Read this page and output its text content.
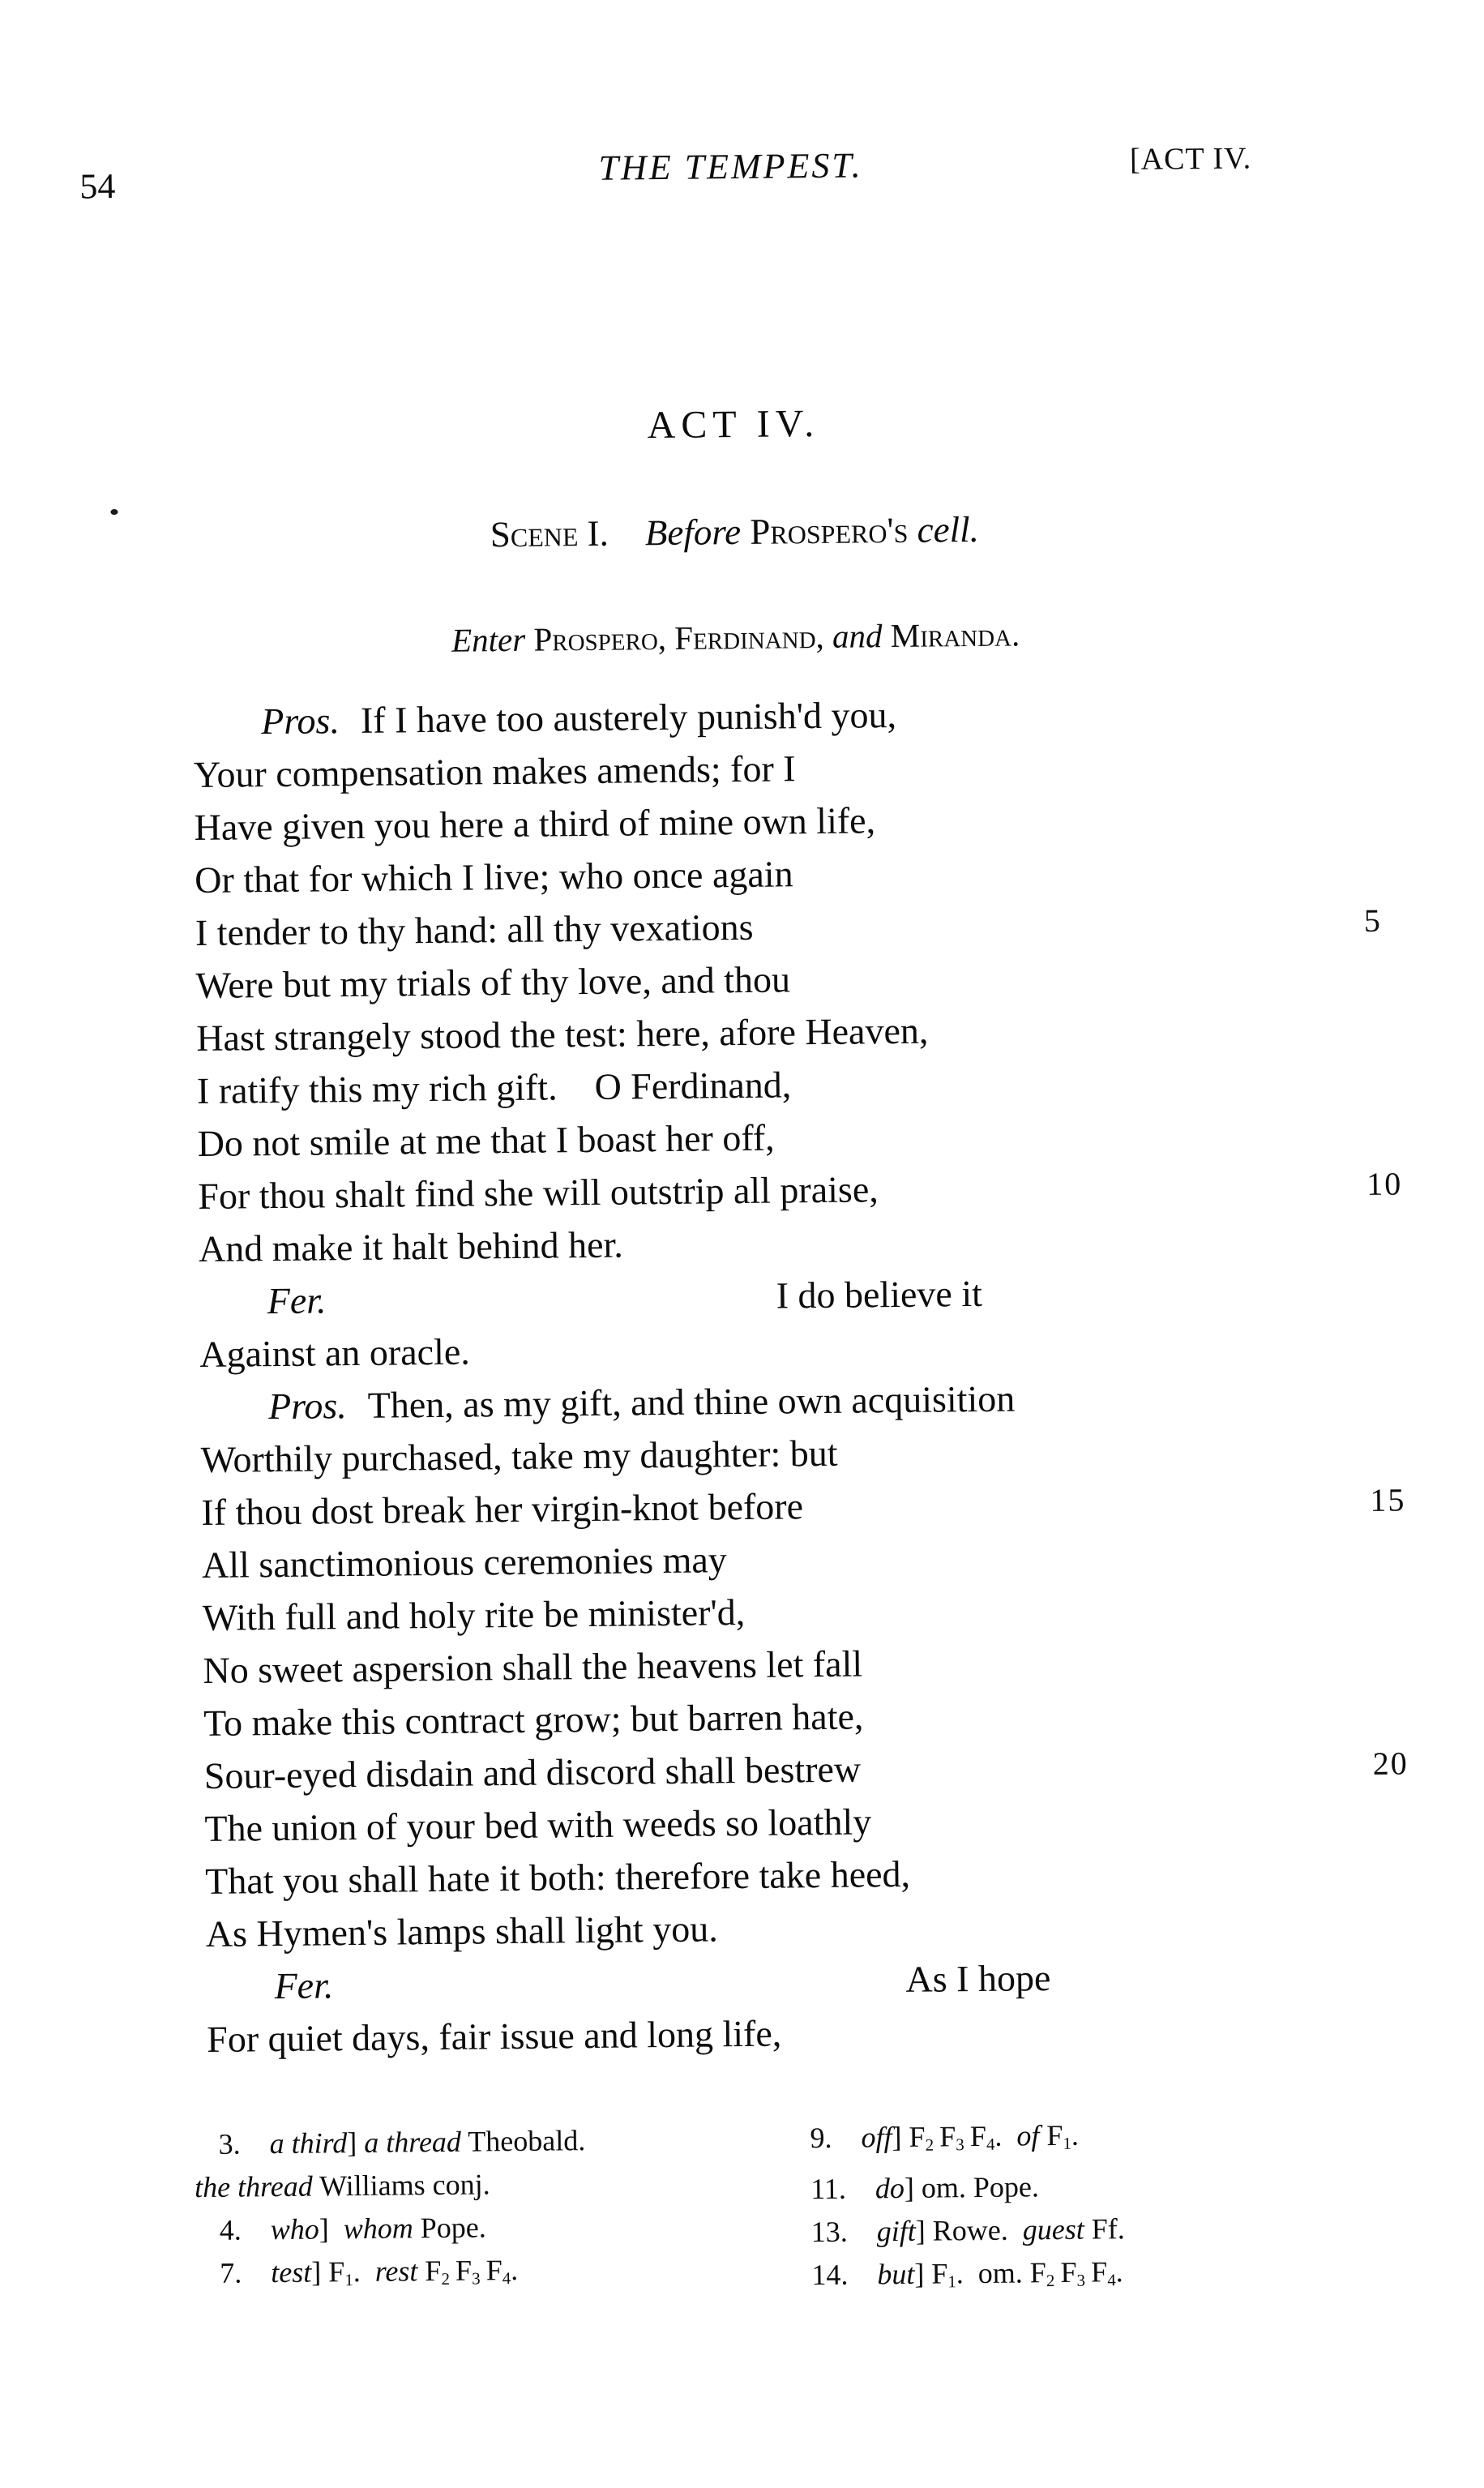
54	THE TEMPEST.	[ACT IV.
ACT IV.
Scene I.  Before Prospero's cell.
Enter Prospero, Ferdinand, and Miranda.
Pros. If I have too austerely punish'd you,
Your compensation makes amends; for I
Have given you here a third of mine own life,
Or that for which I live; who once again
I tender to thy hand: all thy vexations	5
Were but my trials of thy love, and thou
Hast strangely stood the test: here, afore Heaven,
I ratify this my rich gift. O Ferdinand,
Do not smile at me that I boast her off,
For thou shalt find she will outstrip all praise,	10
And make it halt behind her.
Fer.	I do believe it
Against an oracle.
Pros. Then, as my gift, and thine own acquisition
Worthily purchased, take my daughter: but
If thou dost break her virgin-knot before	15
All sanctimonious ceremonies may
With full and holy rite be minister'd,
No sweet aspersion shall the heavens let fall
To make this contract grow; but barren hate,
Sour-eyed disdain and discord shall bestrew	20
The union of your bed with weeds so loathly
That you shall hate it both: therefore take heed,
As Hymen's lamps shall light you.
Fer.	As I hope
For quiet days, fair issue and long life,
3. a third] a thread Theobald.
the thread Williams conj.
4. who] whom Pope.
7. test] F1. rest F2 F3 F4.
9. off] F2 F3 F4. of F1.
11. do] om. Pope.
13. gift] Rowe. guest Ff.
14. but] F1. om. F2 F3 F4.
